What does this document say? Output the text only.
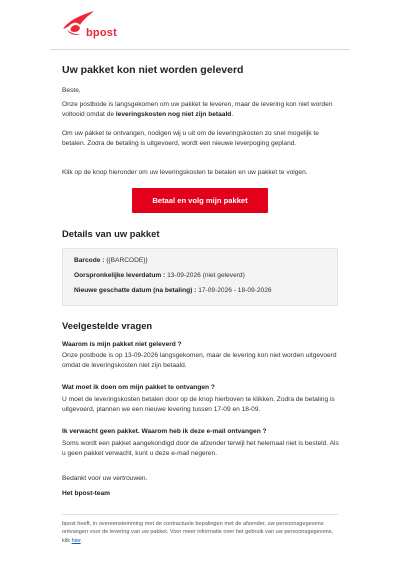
bpost
Uw pakket kon niet worden geleverd
Beste,
Onze postbode is langsgekomen om uw pakket te leveren, maar de levering kon niet worden voltooid omdat de leveringskosten nog niet zijn betaald.
Om uw pakket te ontvangen, nodigen wij u uit om de leveringskosten zo snel mogelijk te betalen. Zodra de betaling is uitgevoerd, wordt een nieuwe leverpoging gepland.
Klik op de knop hieronder om uw leveringskosten te betalen en uw pakket te volgen.
Betaal en volg mijn pakket
Details van uw pakket
Barcode : {{BARCODE}}
Oorspronkelijke leverdatum : 13-09-2026 (niet geleverd)
Nieuwe geschatte datum (na betaling) : 17-09-2026 - 18-09-2026
Veelgestelde vragen
Waarom is mijn pakket niet geleverd ?
Onze postbode is op 13-09-2026 langsgekomen, maar de levering kon niet worden uitgevoerd omdat de leveringskosten niet zijn betaald.
Wat moet ik doen om mijn pakket te ontvangen ?
U moet de leveringskosten betalen door op de knop hierboven te klikken. Zodra de betaling is uitgevoerd, plannen we een nieuwe levering tussen 17-09 en 18-09.
Ik verwacht geen pakket. Waarom heb ik deze e-mail ontvangen ?
Soms wordt een pakket aangekondigd door de afzender terwijl het helemaal niet is besteld. Als u geen pakket verwacht, kunt u deze e-mail negeren.
Bedankt voor uw vertrouwen.
Het bpost-team
bpost heeft, in overeenstemming met de contractuele bepalingen met de afzender, uw persoonsgegevens ontvangen voor de levering van uw pakket. Voor meer informatie over het gebruik van uw persoonsgegevens, klik hier.
